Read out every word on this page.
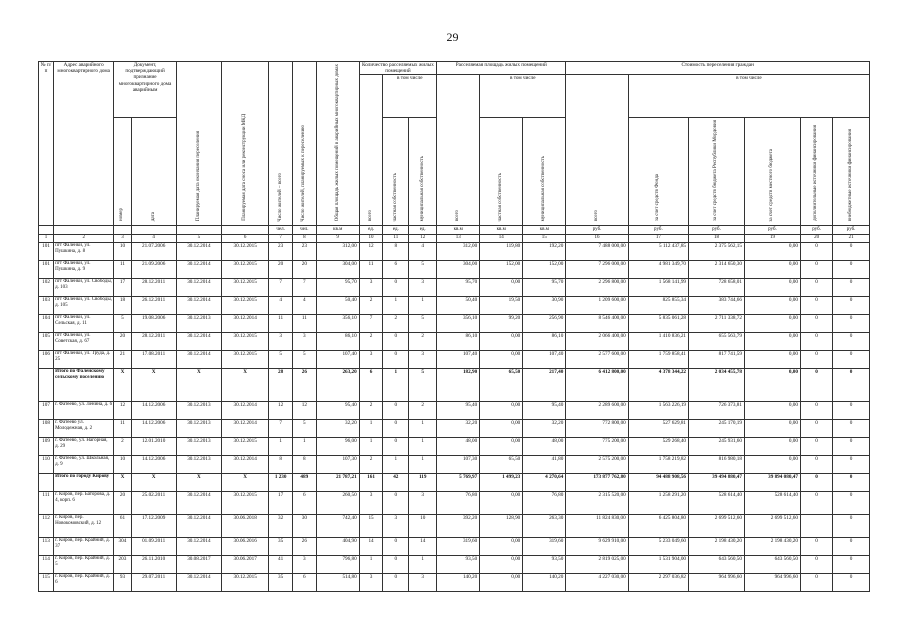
29
№ п/п	Адрес аварийного многоквартирного дома	Документ, подтверждающий признание многоквартирного дома аварийным		Планируемая дата окончания переселения	Планируемая дата сноса или реконструкции МКД	Число жителей – всего	Число жителей, планируемых к переселению	Общая площадь жилых помещений в аварийных многоквартирных домах	Количество расселяемых жилых помещений			Расселяемая площадь жилых помещений			Стоимость переселения граждан					
									всего	в том числе		всего	в том числе		всего	в том числе				
		номер	дата							частная собственность	муниципальная собственность		частная собственность	муниципальная собственность		за счет средств Фонда	за счет средств бюджета Республики Мордовия	за счет средств местного бюджета	дополнительные источники финансирования	внебюджетные источники финансирования
						чел.	чел.	кв.м	ед.	ед.	ед.	кв.м	кв.м	кв.м	руб.	руб.	руб.	руб.	руб.	руб.
1	2	3	4	5	6	7	8	9	10	11	12	13	14	15	16	17	18	19	20	21
101	пгт Фалёнки, ул. Пушкина, д. 8	10	21.07.2006	30.12.2014	30.12.2015	23	23	312,00	12	8	4	312,00	119,80	192,20	7 488 000,00	5 112 437,85	2 375 562,15	0,00	0	0
101	пгт Фаленки, ул. Пушкина, д. 9	11	21.09.2006	30.12.2014	30.12.2015	20	20	304,00	11	6	5	304,00	152,00	152,00	7 296 000,00	4 981 349,70	2 314 650,30	0,00	0	0
102	пгт Фаленки, ул. Свободы, д. 103	17	28.12.2011	30.12.2014	30.12.2015	7	7	95,70	3	0	3	95,70	0,00	95,70	2 296 800,00	1 568 141,99	728 658,01	0,00	0	0
103	пгт Фаленки, ул. Свободы, д. 105	18	26.12.2011	30.12.2014	30.12.2015	4	4	50,40	2	1	1	50,40	19,50	30,90	1 209 600,00	825 855,34	383 744,66	0,00	0	0
104	пгт Фаленки, ул. Сельская, д. 11	5	19.08.2006	30.12.2013	30.12.2014	11	11	356,10	7	2	5	356,10	99,20	256,90	8 546 400,00	5 835 061,28	2 711 338,72	0,00	0	0
105	пгт Фаленки, ул. Советская, д. 67	20	28.12.2011	30.12.2014	30.12.2015	3	3	86,10	2	0	2	86,10	0,00	86,10	2 066 400,00	1 410 836,21	655 563,79	0,00	0	0
106	пгт Фаленки, ул. Труда, д. 25	21	17.08.2011	30.12.2014	30.12.2015	5	5	107,40	3	0	3	107,40	0,00	107,40	2 577 600,00	1 759 858,41	817 741,59	0,00	0	0
	Итого по Фаленскому сельскому поселению	X	X	X	X	28	26	263,20	6	1	5	182,90	65,50	217,40	6 412 800,00	4 378 344,22	2 034 455,78	0,00	0	0
107	г. Фатеево, ул. Ленина, д. 6	12	14.12.2006	30.12.2013	30.12.2014	12	12	95,40	2	0	2	95,40	0,00	95,40	2 289 600,00	1 563 226,19	726 373,81	0,00	0	0
108	г. Фатеево ул. Молодежная, д. 2	11	14.12.2006	30.12.2013	30.12.2014	7	5	32,20	1	0	1	32,20	0,00	32,20	772 800,00	527 629,81	245 170,19	0,00	0	0
109	г. Фатеево, ул. Нагорная, д. 29	2	12.01.2010	30.12.2013	30.12.2015	1	1	96,00	1	0	1	48,00	0,00	48,00	775 200,00	529 268,40	245 931,60	0,00	0	0
110	г. Фатеево, ул. Школьная, д. 9	10	14.12.2006	30.12.2013	30.12.2014	8	8	107,30	2	1	1	107,30	65,50	41,80	2 575 200,00	1 758 219,82	816 980,18	0,00	0	0
	Итого по городу Кирову	X	X	X	X	1 230	489	21 787,21	161	42	119	5 769,97	1 499,23	4 270,64	173 877 762,80	94 488 908,56	39 494 880,47	39 894 080,47	0	0
111	г. Киров, пер. Баторова, д. 4, корп. 6	20	25.02.2011	30.12.2014	30.12.2015	17	6	260,50	3	0	3	76,80	0,00	76,80	2 315 520,00	1 258 291,20	528 614,40	528 614,40	0	0
112	г. Киров, пер. Новокомовский, д. 12	61	17.12.2009	30.12.2014	30.06.2018	32	30	742,40	15	3	10	392,20	128,90	263,30	11 824 830,00	6 425 804,80	2 699 512,60	2 699 512,60		0
113	г. Киров, пер. Крайний, д. 37	304	01.09.2011	30.12.2014	30.06.2016	35	26	404,90	14	0	14	319,60	0,00	319,60	9 629 910,00	5 233 049,60	2 198 430,20	2 198 430,20	0	0
114	г. Киров, пер. Крайний, д. 5	203	26.11.2010	30.08.2017	30.06.2017	41	3	796,80	1	0	1	93,50	0,00	93,50	2 819 025,00	1 531 904,00	643 560,50	643 560,50	0	0
115	г. Киров, пер. Крайний, д. 6	93	29.07.2011	30.12.2014	30.12.2015	35	6	514,80	3	0	3	140,20	0,00	140,20	4 227 030,00	2 297 036,82	964 996,60	964 996,60	0	0
